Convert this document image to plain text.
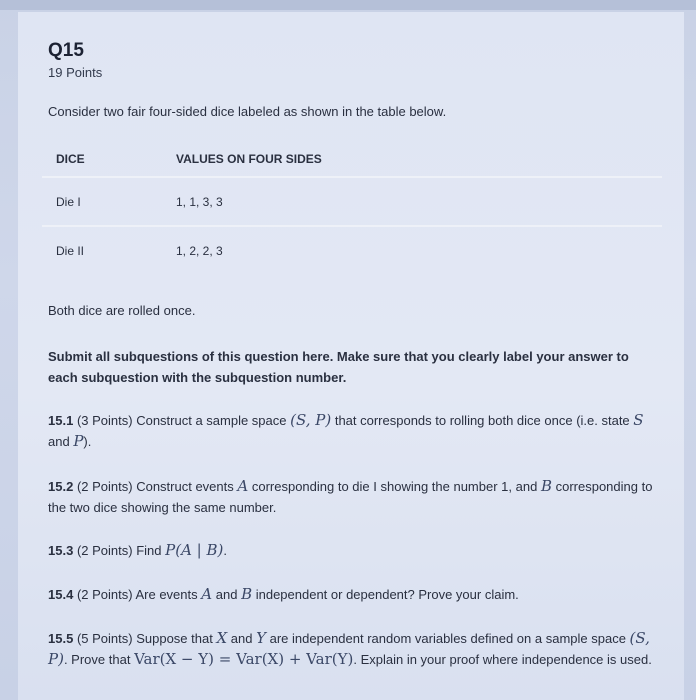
Q15
19 Points
Consider two fair four-sided dice labeled as shown in the table below.
DICE	VALUES ON FOUR SIDES
Die I	1, 1, 3, 3
Die II	1, 2, 2, 3
Both dice are rolled once.
Submit all subquestions of this question here. Make sure that you clearly label your answer to each subquestion with the subquestion number.
15.1 (3 Points) Construct a sample space (S, P) that corresponds to rolling both dice once (i.e. state S and P).
15.2 (2 Points) Construct events A corresponding to die I showing the number 1, and B corresponding to the two dice showing the same number.
15.3 (2 Points) Find P(A | B).
15.4 (2 Points) Are events A and B independent or dependent? Prove your claim.
15.5 (5 Points) Suppose that X and Y are independent random variables defined on a sample space (S, P). Prove that Var(X − Y) = Var(X) + Var(Y). Explain in your proof where independence is used.
